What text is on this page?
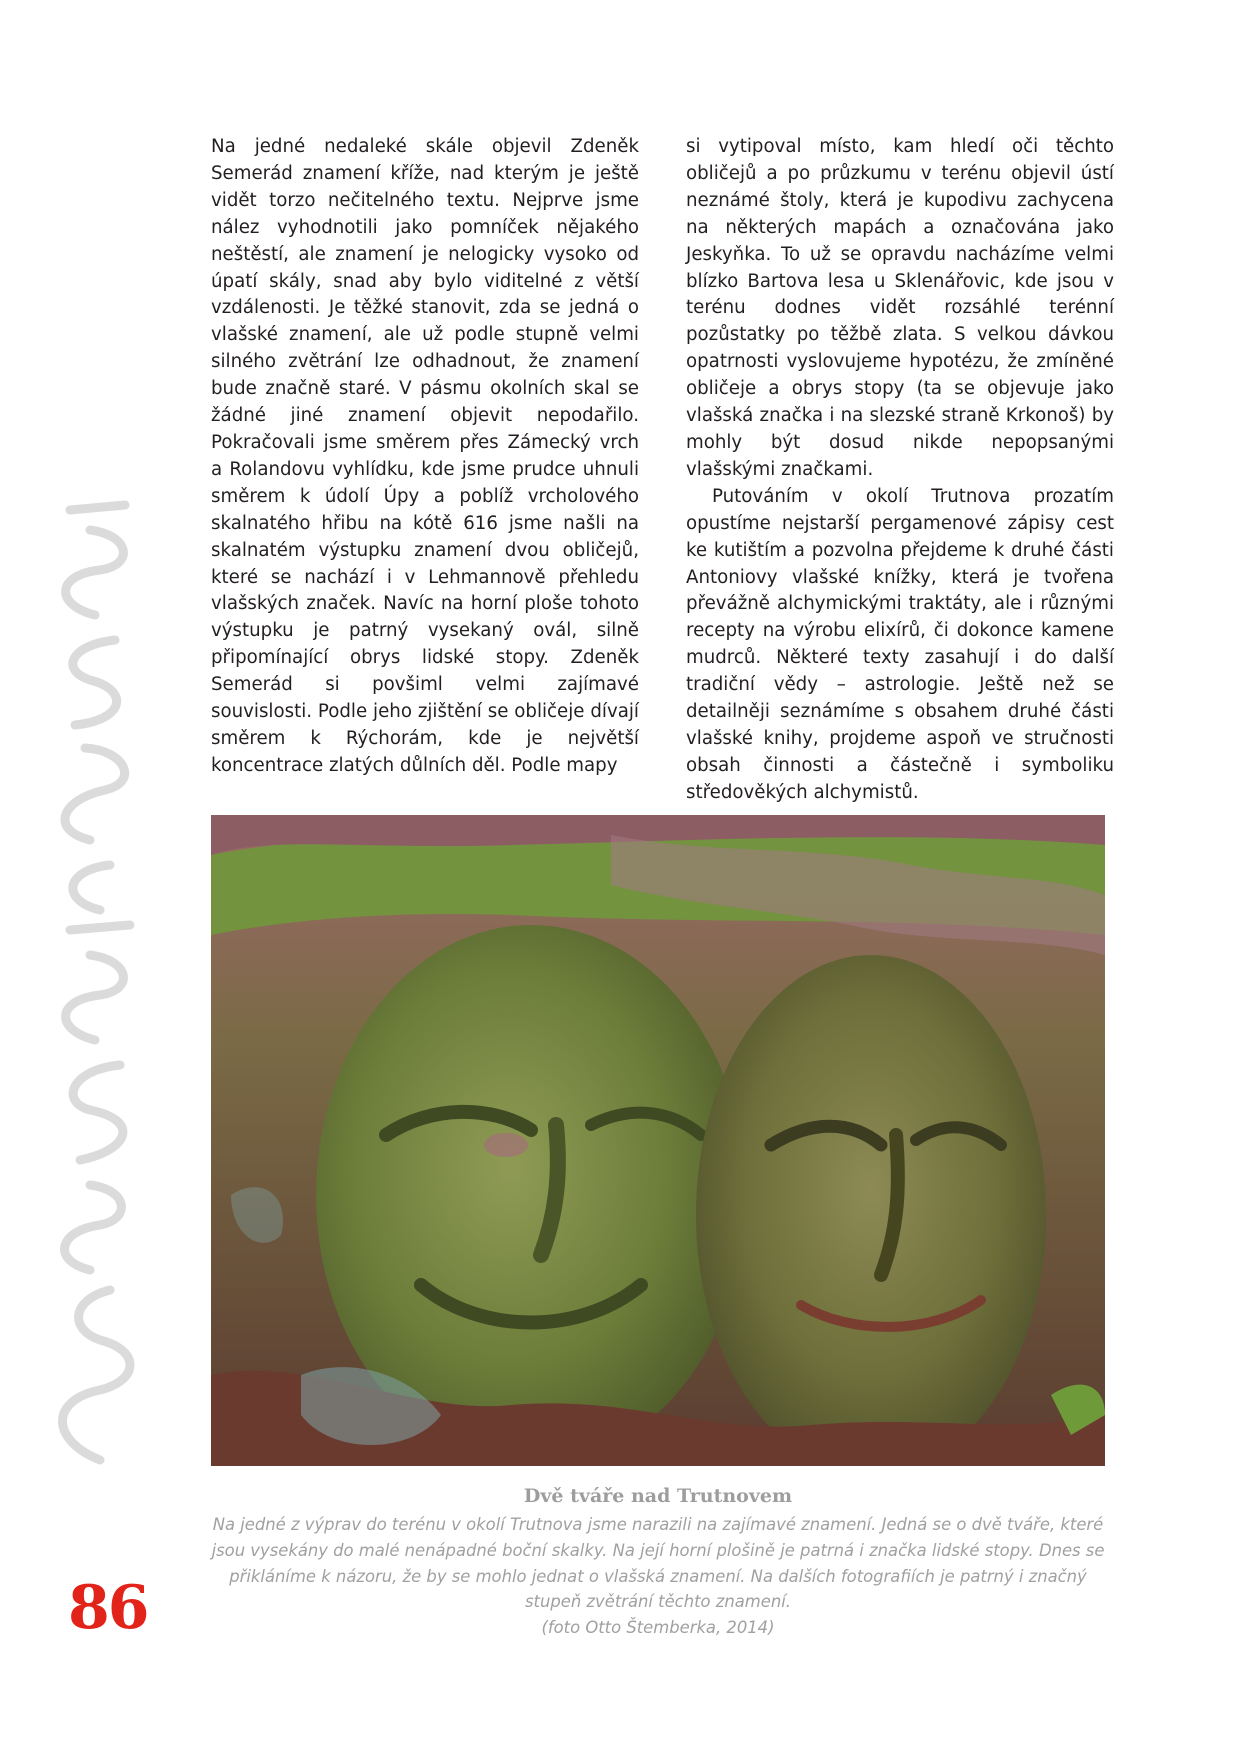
Na jedné nedaleké skále objevil Zdeněk Semerád znamení kříže, nad kterým je ještě vidět torzo nečitelného textu. Nejprve jsme nález vyhodnotili jako pomníček nějakého neštěstí, ale znamení je nelogicky vysoko od úpatí skály, snad aby bylo viditelné z větší vzdálenosti. Je těžké stanovit, zda se jedná o vlašské znamení, ale už podle stupně velmi silného zvětrání lze odhadnout, že znamení bude značně staré. V pásmu okolních skal se žádné jiné znamení objevit nepodařilo. Pokračovali jsme směrem přes Zámecký vrch a Rolandovu vyhlídku, kde jsme prudce uhnuli směrem k údolí Úpy a poblíž vrcholového skalnatého hřibu na kótě 616 jsme našli na skalnatém výstupku znamení dvou obličejů, které se nachází i v Lehmannově přehledu vlašských značek. Navíc na horní ploše tohoto výstupku je patrný vysekaný ovál, silně připomínající obrys lidské stopy. Zdeněk Semerád si povšiml velmi zajímavé souvislosti. Podle jeho zjištění se obličeje dívají směrem k Rýchorám, kde je největší koncentrace zlatých důlních děl. Podle mapy

si vytipoval místo, kam hledí oči těchto obličejů a po průzkumu v terénu objevil ústí neznámé štoly, která je kupodivu zachycena na některých mapách a označována jako Jeskyňka. To už se opravdu nacházíme velmi blízko Bartova lesa u Sklenářovic, kde jsou v terénu dodnes vidět rozsáhlé terénní pozůstatky po těžbě zlata. S velkou dávkou opatrnosti vyslovujeme hypotézu, že zmíněné obličeje a obrys stopy (ta se objevuje jako vlašská značka i na slezské straně Krkonoš) by mohly být dosud nikde nepopsanými vlašskými značkami.

Putováním v okolí Trutnova prozatím opustíme nejstarší pergamenové zápisy cest ke kutištím a pozvolna přejdeme k druhé části Antoniovy vlašské knížky, která je tvořena převážně alchymickými traktáty, ale i různými recepty na výrobu elixírů, či dokonce kamene mudrců. Některé texty zasahují i do další tradiční vědy – astrologie. Ještě než se detailněji seznámíme s obsahem druhé části vlašské knihy, projdeme aspoň ve stručnosti obsah činnosti a částečně i symboliku středověkých alchymistů.

Dvě tváře nad Trutnovem
Na jedné z výprav do terénu v okolí Trutnova jsme narazili na zajímavé znamení. Jedná se o dvě tváře, které jsou vysekány do malé nenápadné boční skalky. Na její horní plošině je patrná i značka lidské stopy. Dnes se přikláníme k názoru, že by se mohlo jednat o vlašská znamení. Na dalších fotografiích je patrný i značný stupeň zvětrání těchto znamení.
(foto Otto Štemberka, 2014)
86
